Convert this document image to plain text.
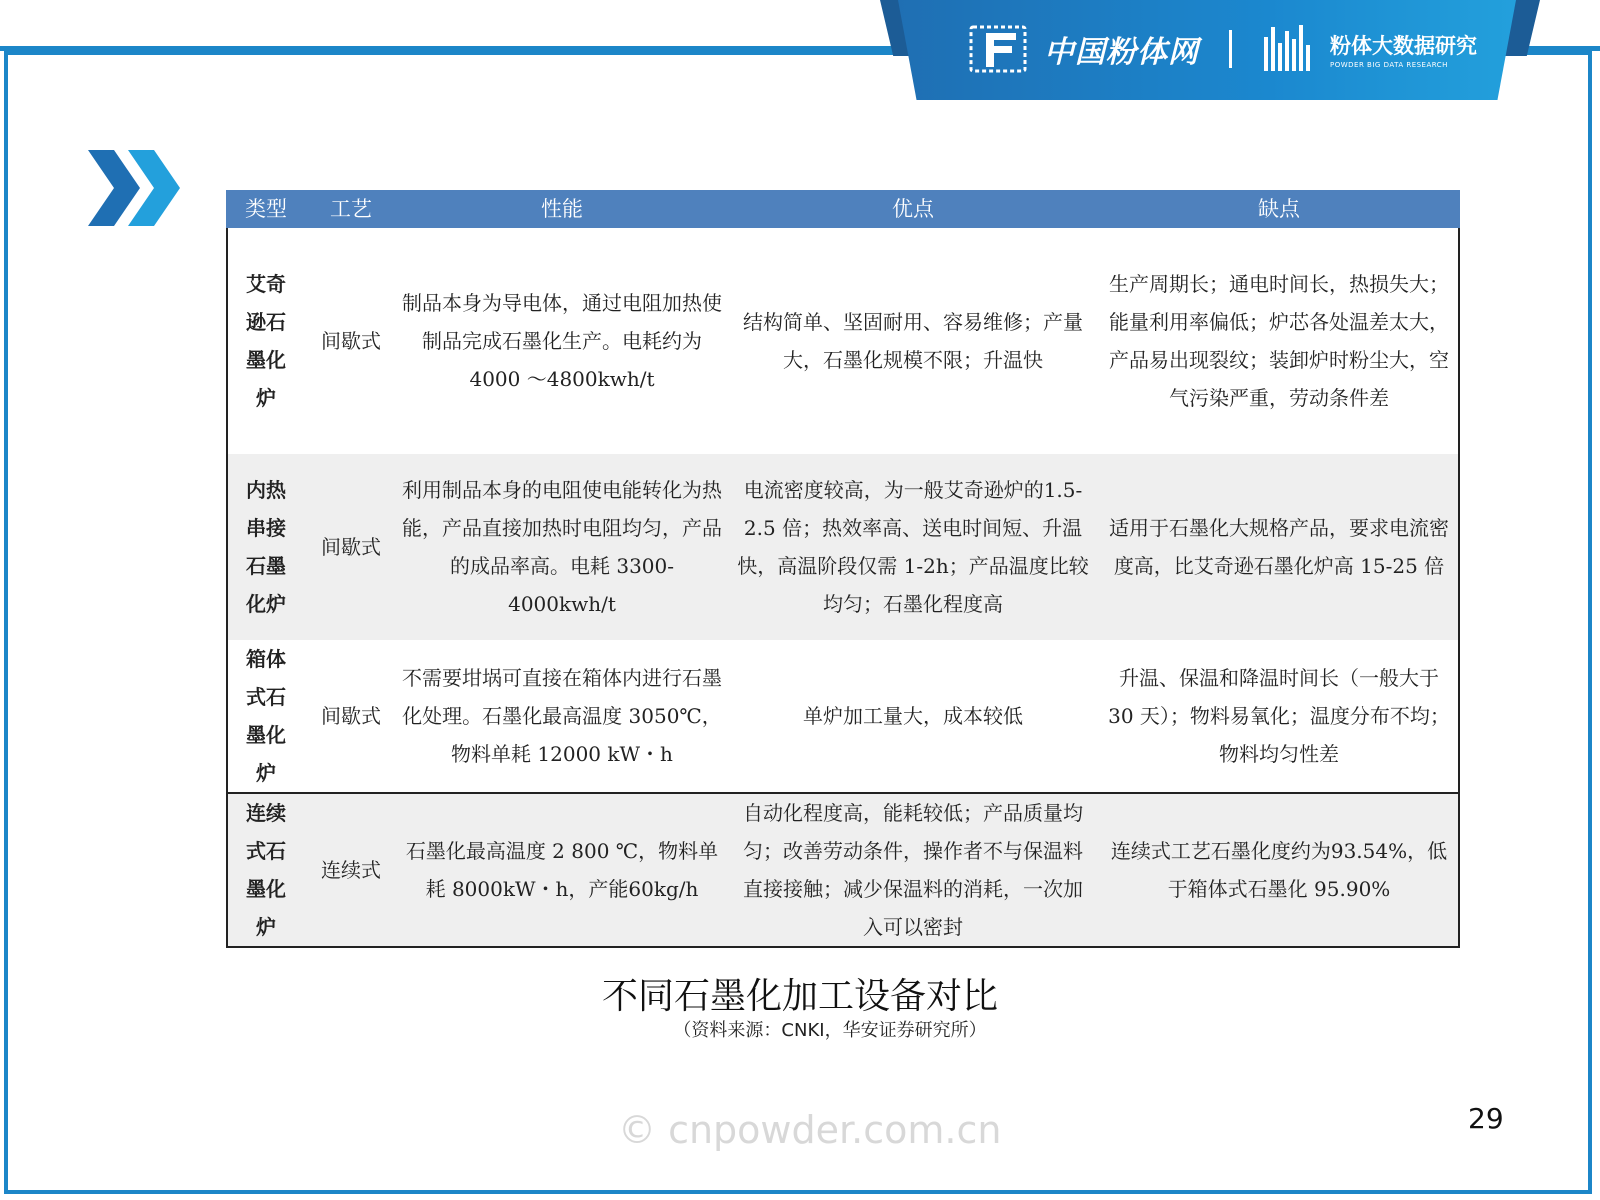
中国粉体网	粉体大数据研究
POWDER BIG DATA RESEARCH
类型	工艺	性能	优点	缺点
艾奇逊石墨化炉	间歇式	制品本身为导电体，通过电阻加热使制品完成石墨化生产。电耗约为 4000 ～4800kwh/t	结构简单、坚固耐用、容易维修；产量大，石墨化规模不限；升温快	生产周期长；通电时间长，热损失大；能量利用率偏低；炉芯各处温差太大，产品易出现裂纹；装卸炉时粉尘大，空气污染严重，劳动条件差
内热串接石墨化炉	间歇式	利用制品本身的电阻使电能转化为热能，产品直接加热时电阻均匀，产品的成品率高。电耗 3300-4000kwh/t	电流密度较高，为一般艾奇逊炉的1.5-2.5 倍；热效率高、送电时间短、升温快，高温阶段仅需 1-2h；产品温度比较均匀；石墨化程度高	适用于石墨化大规格产品，要求电流密度高，比艾奇逊石墨化炉高 15-25 倍
箱体式石墨化炉	间歇式	不需要坩埚可直接在箱体内进行石墨化处理。石墨化最高温度 3050℃，物料单耗 12000 kW・h	单炉加工量大，成本较低	升温、保温和降温时间长（一般大于 30 天）；物料易氧化；温度分布不均；物料均匀性差
连续式石墨化炉	连续式	石墨化最高温度 2 800 ℃，物料单耗 8000kW・h，产能60kg/h	自动化程度高，能耗较低；产品质量均匀；改善劳动条件，操作者不与保温料直接接触；减少保温料的消耗，一次加入可以密封	连续式工艺石墨化度约为93.54%，低于箱体式石墨化 95.90%
不同石墨化加工设备对比
（资料来源：CNKI，华安证券研究所）
© cnpowder.com.cn	29
